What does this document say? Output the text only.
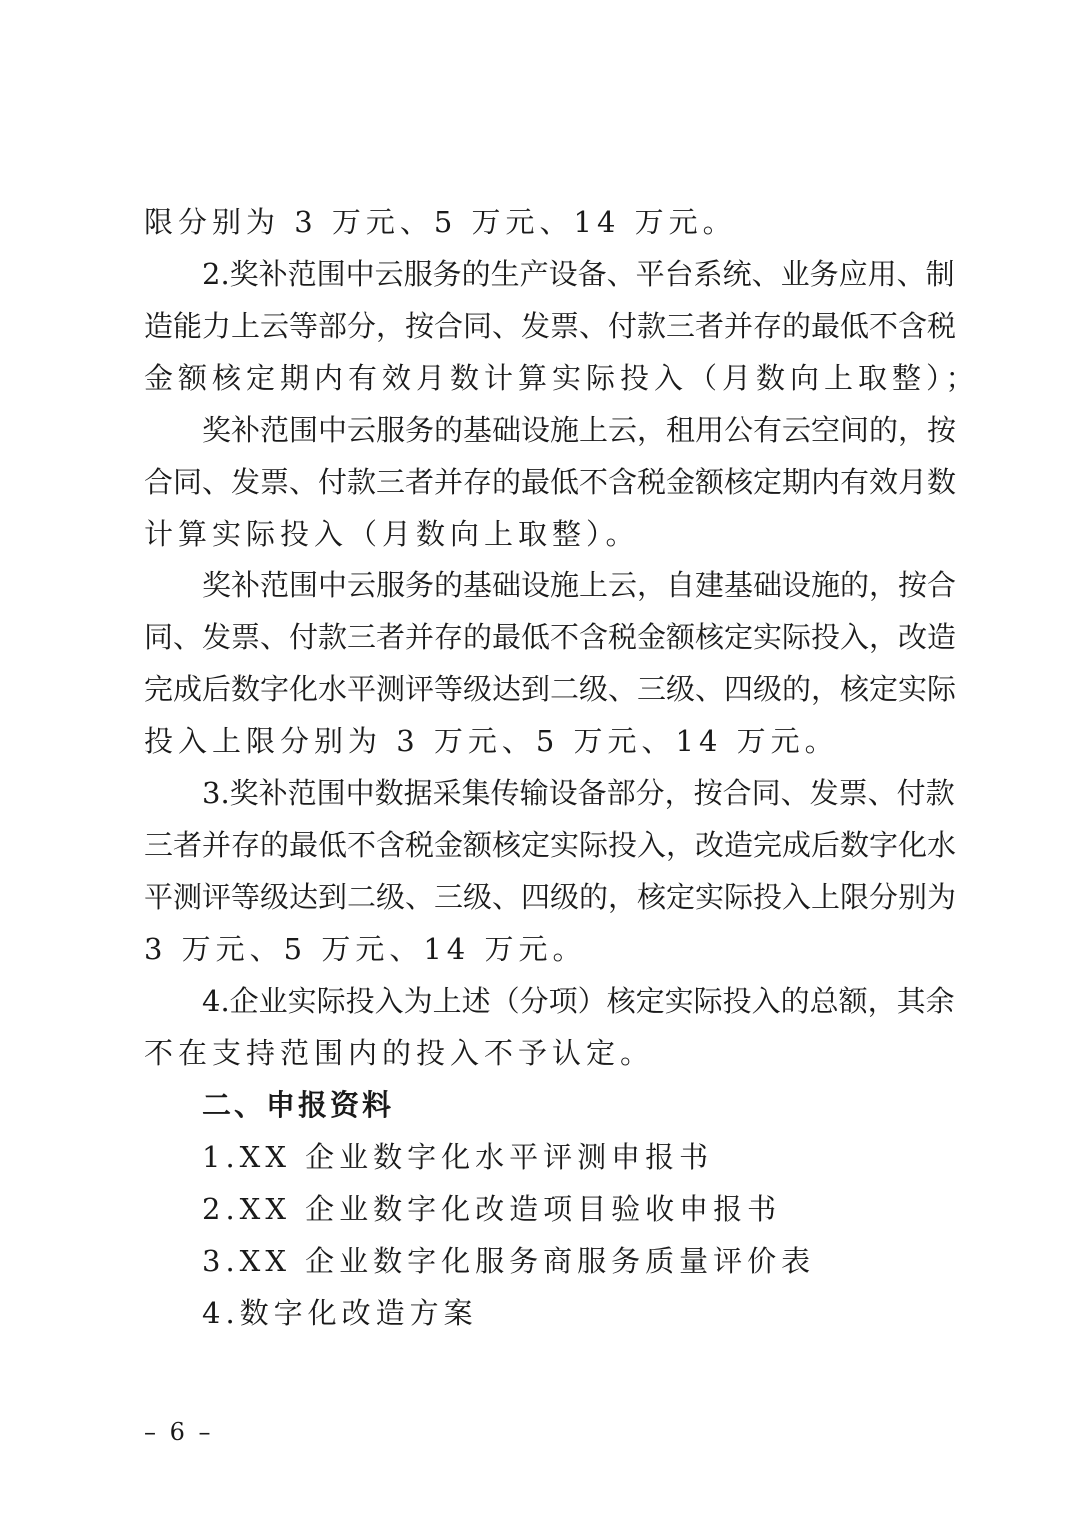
限分别为 3 万元、5 万元、14 万元。
2.奖补范围中云服务的生产设备、平台系统、业务应用、制
造能力上云等部分，按合同、发票、付款三者并存的最低不含税
金额核定期内有效月数计算实际投入（月数向上取整）；
奖补范围中云服务的基础设施上云，租用公有云空间的，按
合同、发票、付款三者并存的最低不含税金额核定期内有效月数
计算实际投入（月数向上取整）。
奖补范围中云服务的基础设施上云，自建基础设施的，按合
同、发票、付款三者并存的最低不含税金额核定实际投入，改造
完成后数字化水平测评等级达到二级、三级、四级的，核定实际
投入上限分别为 3 万元、5 万元、14 万元。
3.奖补范围中数据采集传输设备部分，按合同、发票、付款
三者并存的最低不含税金额核定实际投入，改造完成后数字化水
平测评等级达到二级、三级、四级的，核定实际投入上限分别为
3 万元、5 万元、14 万元。
4.企业实际投入为上述（分项）核定实际投入的总额，其余
不在支持范围内的投入不予认定。
二、申报资料
1.XX 企业数字化水平评测申报书
2.XX 企业数字化改造项目验收申报书
3.XX 企业数字化服务商服务质量评价表
4.数字化改造方案
– 6 –
